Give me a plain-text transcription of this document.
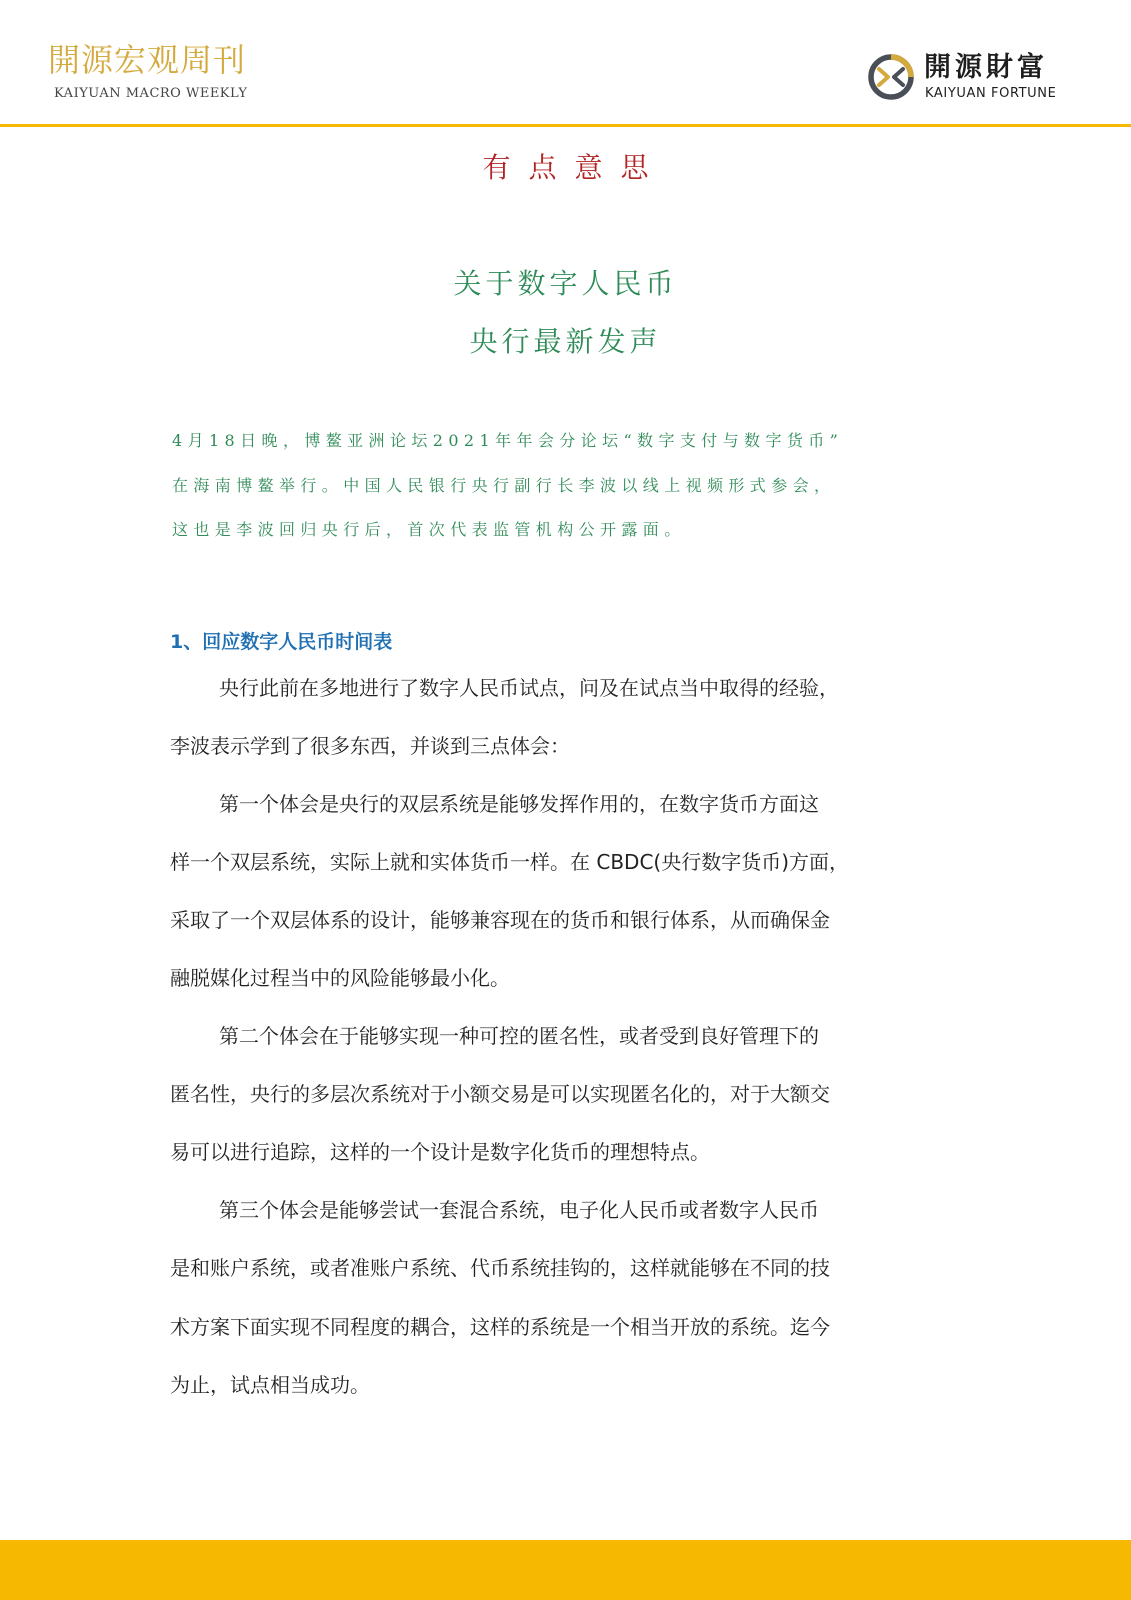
開源宏观周刊
KAIYUAN MACRO WEEKLY
開源財富
KAIYUAN FORTUNE
有点意思
关于数字人民币
央行最新发声
4月18日晚，博鳌亚洲论坛2021年年会分论坛“数字支付与数字货币”
在海南博鳌举行。中国人民银行央行副行长李波以线上视频形式参会，
这也是李波回归央行后，首次代表监管机构公开露面。
1、回应数字人民币时间表
央行此前在多地进行了数字人民币试点，问及在试点当中取得的经验，
李波表示学到了很多东西，并谈到三点体会：
第一个体会是央行的双层系统是能够发挥作用的，在数字货币方面这
样一个双层系统，实际上就和实体货币一样。在 CBDC(央行数字货币)方面，
采取了一个双层体系的设计，能够兼容现在的货币和银行体系，从而确保金
融脱媒化过程当中的风险能够最小化。
第二个体会在于能够实现一种可控的匿名性，或者受到良好管理下的
匿名性，央行的多层次系统对于小额交易是可以实现匿名化的，对于大额交
易可以进行追踪，这样的一个设计是数字化货币的理想特点。
第三个体会是能够尝试一套混合系统，电子化人民币或者数字人民币
是和账户系统，或者准账户系统、代币系统挂钩的，这样就能够在不同的技
术方案下面实现不同程度的耦合，这样的系统是一个相当开放的系统。迄今
为止，试点相当成功。
